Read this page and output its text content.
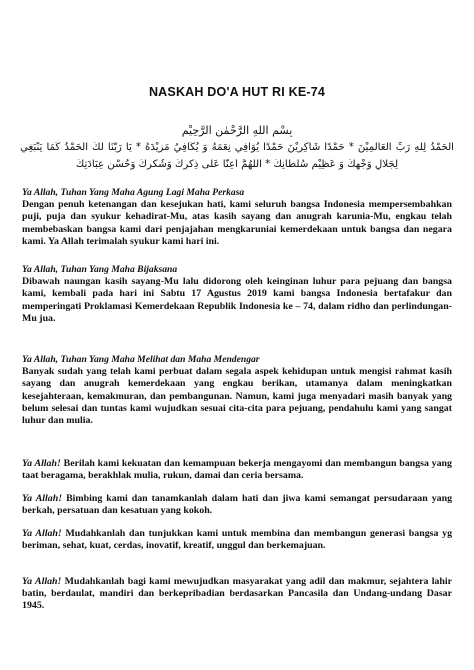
NASKAH DO'A HUT RI KE-74
بِسْمِ اللهِ الرَّحْمٰنِ الرَّحِيْمِ
اَلْحَمْدُ لِلّٰهِ رَبِّ الْعَالَمِيْنَ * حَمْدًا شَاكِرِيْنَ حَمْدًا يُوَافِي نِعَمَهُ وَ يُكَافِيُ مَزِيْدَهُ * يَا رَبَّنَا لَكَ الْحَمْدُ كَمَا يَنْبَغِي
لِجَلَالِ وَجْهِكَ وَ عَظِيْمِ سُلْطَانِكَ * اَللّٰهُمَّ أَعِنَّا عَلَى ذِكْرِكَ وَشُكْرِكَ وَحُسْنِ عِبَادَتِكَ
Ya Allah, Tuhan Yang Maha Agung Lagi Maha Perkasa
Dengan penuh ketenangan dan kesejukan hati, kami seluruh bangsa Indonesia mempersembahkan puji, puja dan syukur kehadirat-Mu, atas kasih sayang dan anugrah karunia-Mu, engkau telah membebaskan bangsa kami dari penjajahan mengkaruniai kemerdekaan untuk bangsa dan negara kami. Ya Allah terimalah syukur kami hari ini.
Ya Allah, Tuhan Yang Maha Bijaksana
Dibawah naungan kasih sayang-Mu lalu didorong oleh keinginan luhur para pejuang dan bangsa kami, kembali pada hari ini Sabtu 17 Agustus 2019 kami bangsa Indonesia bertafakur dan memperingati Proklamasi Kemerdekaan Republik Indonesia ke – 74, dalam ridho dan perlindungan-Mu jua.
Ya Allah, Tuhan Yang Maha Melihat dan Maha Mendengar
Banyak sudah yang telah kami perbuat dalam segala aspek kehidupan untuk mengisi rahmat kasih sayang dan anugrah kemerdekaan yang engkau berikan, utamanya dalam meningkatkan kesejahteraan, kemakmuran, dan pembangunan. Namun, kami juga menyadari masih banyak yang belum selesai dan tuntas kami wujudkan sesuai cita-cita para pejuang, pendahulu kami yang sangat luhur dan mulia.
Ya Allah! Berilah kami kekuatan dan kemampuan bekerja mengayomi dan membangun bangsa yang taat beragama, berakhlak mulia, rukun, damai dan ceria bersama.
Ya Allah! Bimbing kami dan tanamkanlah dalam hati dan jiwa kami semangat persudaraan yang berkah, persatuan dan kesatuan yang kokoh.
Ya Allah! Mudahkanlah dan tunjukkan kami untuk membina dan membangun generasi bangsa yg beriman, sehat, kuat, cerdas, inovatif, kreatif, unggul dan berkemajuan.
Ya Allah! Mudahkanlah bagi kami mewujudkan masyarakat yang adil dan makmur, sejahtera lahir batin, berdaulat, mandiri dan berkepribadian berdasarkan Pancasila dan Undang-undang Dasar 1945.
